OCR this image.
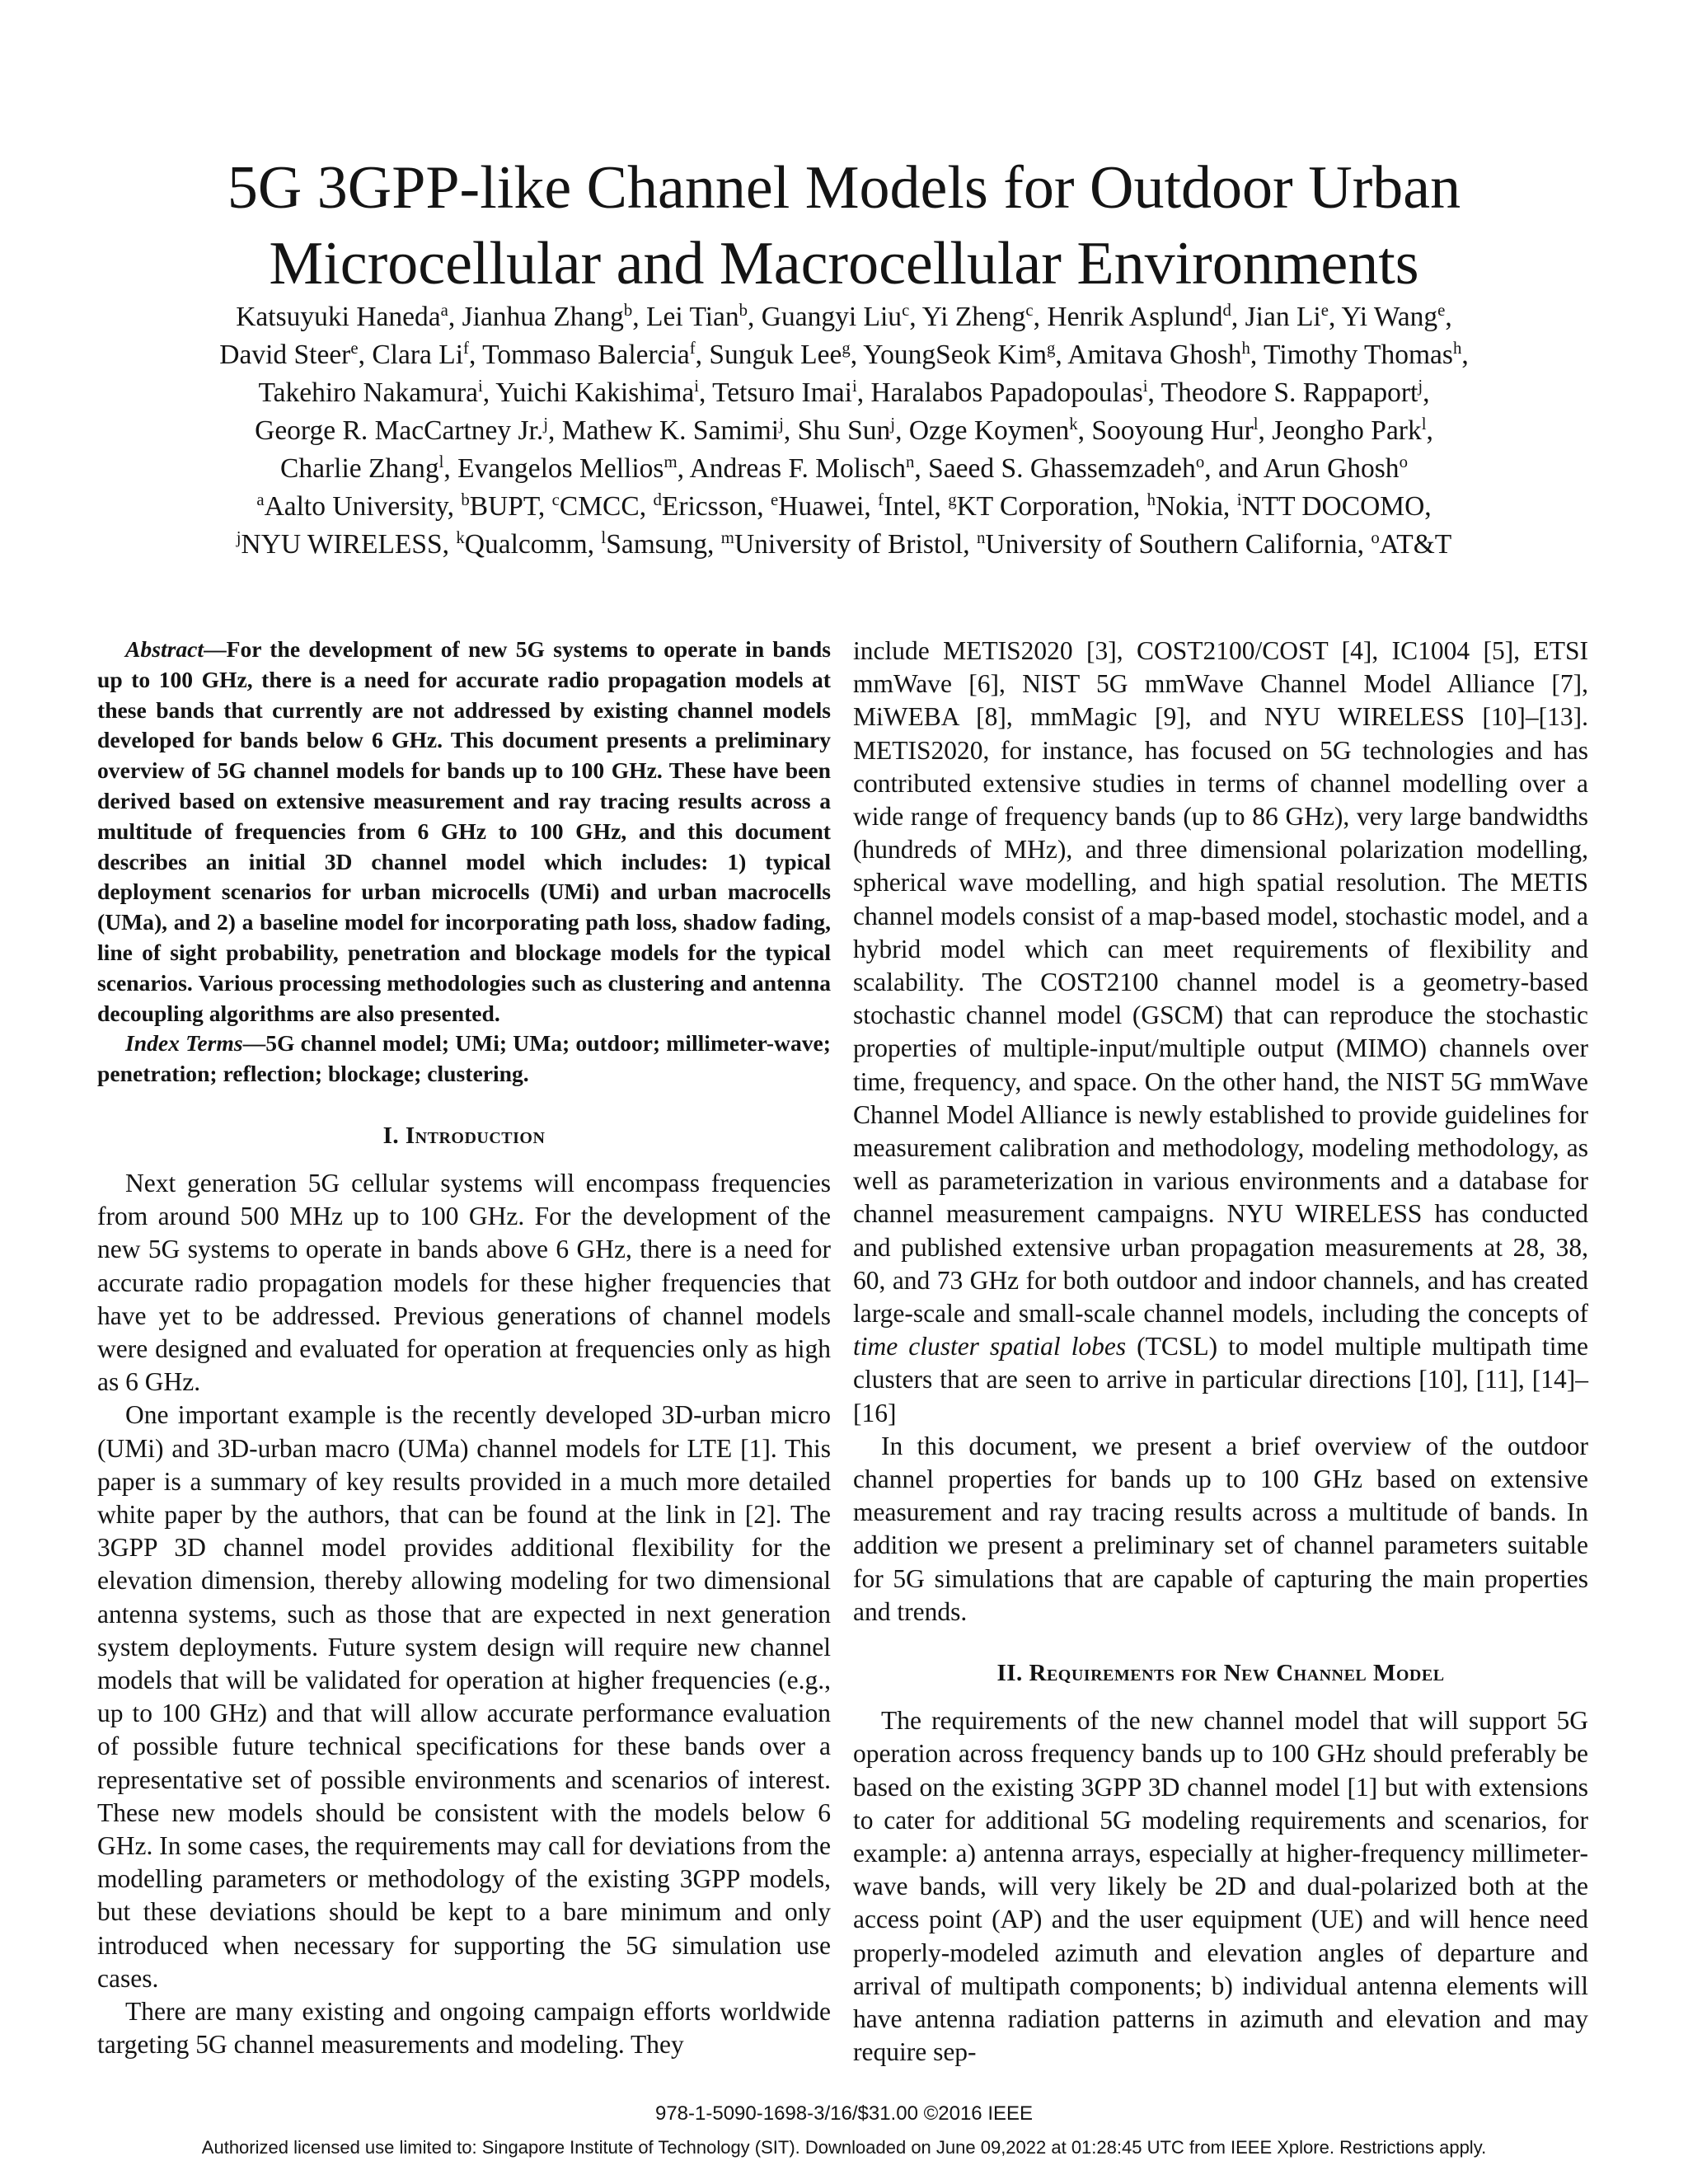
5G 3GPP-like Channel Models for Outdoor Urban
Microcellular and Macrocellular Environments
Katsuyuki Haneda$^a$, Jianhua Zhang$^b$, Lei Tian$^b$, Guangyi Liu$^c$, Yi Zheng$^c$, Henrik Asplund$^d$, Jian Li$^e$, Yi Wang$^e$,
David Steer$^e$, Clara Li$^f$, Tommaso Balercia$^f$, Sunguk Lee$^g$, YoungSeok Kim$^g$, Amitava Ghosh$^h$, Timothy Thomas$^h$,
Takehiro Nakamura$^i$, Yuichi Kakishima$^i$, Tetsuro Imai$^i$, Haralabos Papadopoulas$^i$, Theodore S. Rappaport$^j$,
George R. MacCartney Jr.$^j$, Mathew K. Samimi$^j$, Shu Sun$^j$, Ozge Koymen$^k$, Sooyoung Hur$^l$, Jeongho Park$^l$,
Charlie Zhang$^l$, Evangelos Mellios$^m$, Andreas F. Molisch$^n$, Saeed S. Ghassemzadeh$^o$, and Arun Ghosh$^o$
$^a$Aalto University, $^b$BUPT, $^c$CMCC, $^d$Ericsson, $^e$Huawei, $^f$Intel, $^g$KT Corporation, $^h$Nokia, $^i$NTT DOCOMO,
$^j$NYU WIRELESS, $^k$Qualcomm, $^l$Samsung, $^m$University of Bristol, $^n$University of Southern California, $^o$AT&T

Abstract—For the development of new 5G systems to operate in bands up to 100 GHz, there is a need for accurate radio propagation models at these bands that currently are not addressed by existing channel models developed for bands below 6 GHz. This document presents a preliminary overview of 5G channel models for bands up to 100 GHz. These have been derived based on extensive measurement and ray tracing results across a multitude of frequencies from 6 GHz to 100 GHz, and this document describes an initial 3D channel model which includes: 1) typical deployment scenarios for urban microcells (UMi) and urban macrocells (UMa), and 2) a baseline model for incorporating path loss, shadow fading, line of sight probability, penetration and blockage models for the typical scenarios. Various processing methodologies such as clustering and antenna decoupling algorithms are also presented.

Index Terms—5G channel model; UMi; UMa; outdoor; millimeter-wave; penetration; reflection; blockage; clustering.

I. Introduction

Next generation 5G cellular systems will encompass frequencies from around 500 MHz up to 100 GHz. For the development of the new 5G systems to operate in bands above 6 GHz, there is a need for accurate radio propagation models for these higher frequencies that have yet to be addressed. Previous generations of channel models were designed and evaluated for operation at frequencies only as high as 6 GHz.

One important example is the recently developed 3D-urban micro (UMi) and 3D-urban macro (UMa) channel models for LTE [1]. This paper is a summary of key results provided in a much more detailed white paper by the authors, that can be found at the link in [2]. The 3GPP 3D channel model provides additional flexibility for the elevation dimension, thereby allowing modeling for two dimensional antenna systems, such as those that are expected in next generation system deployments. Future system design will require new channel models that will be validated for operation at higher frequencies (e.g., up to 100 GHz) and that will allow accurate performance evaluation of possible future technical specifications for these bands over a representative set of possible environments and scenarios of interest. These new models should be consistent with the models below 6 GHz. In some cases, the requirements may call for deviations from the modelling parameters or methodology of the existing 3GPP models, but these deviations should be kept to a bare minimum and only introduced when necessary for supporting the 5G simulation use cases.

There are many existing and ongoing campaign efforts worldwide targeting 5G channel measurements and modeling. They

include METIS2020 [3], COST2100/COST [4], IC1004 [5], ETSI mmWave [6], NIST 5G mmWave Channel Model Alliance [7], MiWEBA [8], mmMagic [9], and NYU WIRELESS [10]–[13]. METIS2020, for instance, has focused on 5G technologies and has contributed extensive studies in terms of channel modelling over a wide range of frequency bands (up to 86 GHz), very large bandwidths (hundreds of MHz), and three dimensional polarization modelling, spherical wave modelling, and high spatial resolution. The METIS channel models consist of a map-based model, stochastic model, and a hybrid model which can meet requirements of flexibility and scalability. The COST2100 channel model is a geometry-based stochastic channel model (GSCM) that can reproduce the stochastic properties of multiple-input/multiple output (MIMO) channels over time, frequency, and space. On the other hand, the NIST 5G mmWave Channel Model Alliance is newly established to provide guidelines for measurement calibration and methodology, modeling methodology, as well as parameterization in various environments and a database for channel measurement campaigns. NYU WIRELESS has conducted and published extensive urban propagation measurements at 28, 38, 60, and 73 GHz for both outdoor and indoor channels, and has created large-scale and small-scale channel models, including the concepts of time cluster spatial lobes (TCSL) to model multiple multipath time clusters that are seen to arrive in particular directions [10], [11], [14]–[16]

In this document, we present a brief overview of the outdoor channel properties for bands up to 100 GHz based on extensive measurement and ray tracing results across a multitude of bands. In addition we present a preliminary set of channel parameters suitable for 5G simulations that are capable of capturing the main properties and trends.

II. Requirements for New Channel Model

The requirements of the new channel model that will support 5G operation across frequency bands up to 100 GHz should preferably be based on the existing 3GPP 3D channel model [1] but with extensions to cater for additional 5G modeling requirements and scenarios, for example: a) antenna arrays, especially at higher-frequency millimeter-wave bands, will very likely be 2D and dual-polarized both at the access point (AP) and the user equipment (UE) and will hence need properly-modeled azimuth and elevation angles of departure and arrival of multipath components; b) individual antenna elements will have antenna radiation patterns in azimuth and elevation and may require sep-

978-1-5090-1698-3/16/$31.00 ©2016 IEEE
Authorized licensed use limited to: Singapore Institute of Technology (SIT). Downloaded on June 09,2022 at 01:28:45 UTC from IEEE Xplore. Restrictions apply.
